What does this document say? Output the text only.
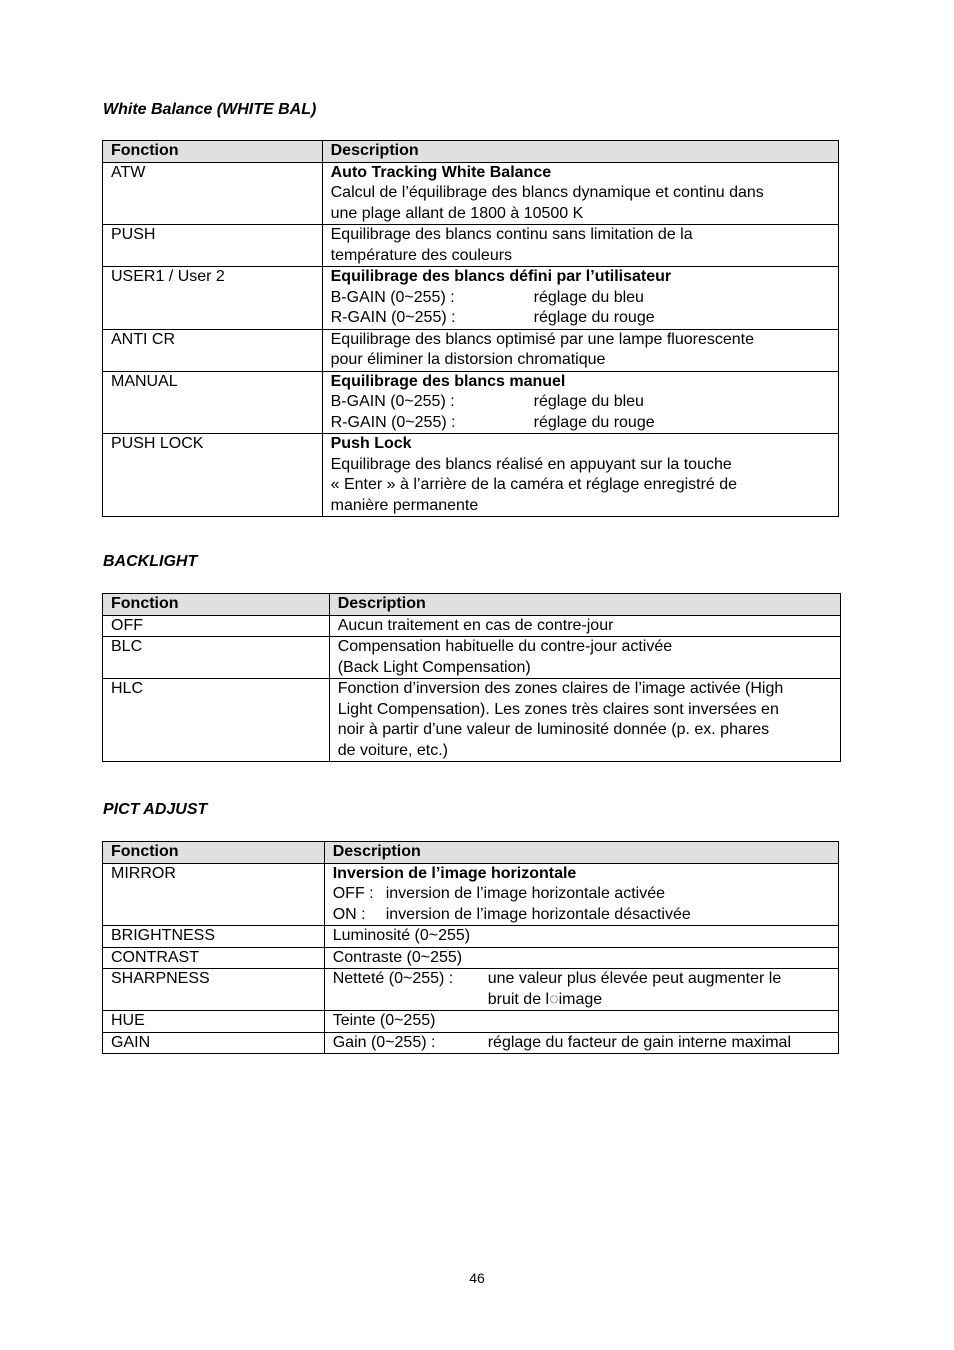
White Balance (WHITE BAL)
Fonction	Description
ATW	Auto Tracking White Balance
Calcul de l’équilibrage des blancs dynamique et continu dans
une plage allant de 1800 à 10500 K

PUSH	Equilibrage des blancs continu sans limitation de la
température des couleurs

USER1 / User 2	Equilibrage des blancs défini par l’utilisateur
B-GAIN (0~255) : réglage du bleu
R-GAIN (0~255) : réglage du rouge

ANTI CR	Equilibrage des blancs optimisé par une lampe fluorescente
pour éliminer la distorsion chromatique

MANUAL	Equilibrage des blancs manuel
B-GAIN (0~255) : réglage du bleu
R-GAIN (0~255) : réglage du rouge

PUSH LOCK	Push Lock
Equilibrage des blancs réalisé en appuyant sur la touche
« Enter » à l’arrière de la caméra et réglage enregistré de
manière permanente
BACKLIGHT
Fonction	Description
OFF	Aucun traitement en cas de contre-jour

BLC	Compensation habituelle du contre-jour activée
(Back Light Compensation)

HLC	Fonction d’inversion des zones claires de l’image activée (High
Light Compensation). Les zones très claires sont inversées en
noir à partir d’une valeur de luminosité donnée (p. ex. phares
de voiture, etc.)
PICT ADJUST
Fonction	Description
MIRROR	Inversion de l’image horizontale
OFF : inversion de l’image horizontale activée
ON : inversion de l’image horizontale désactivée

BRIGHTNESS	Luminosité (0~255)

CONTRAST	Contraste (0~255)

SHARPNESS	Netteté (0~255) : une valeur plus élevée peut augmenter le
bruit de l◌image

HUE	Teinte (0~255)

GAIN	Gain (0~255) : réglage du facteur de gain interne maximal
46
